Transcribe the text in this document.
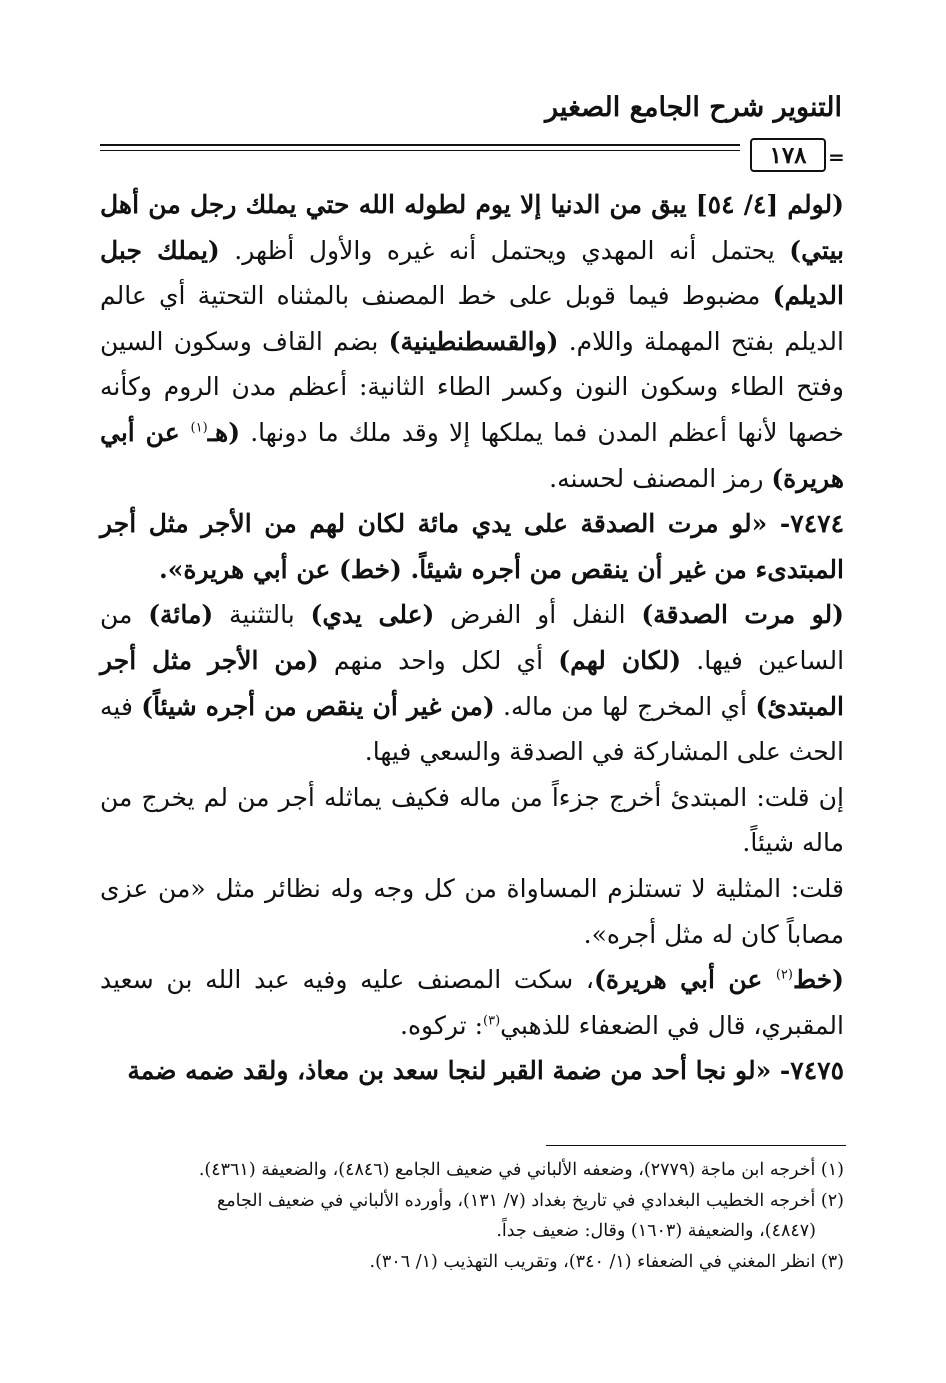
التنوير شرح الجامع الصغير
١٧٨	=

(لولم [٤/ ٥٤] يبق من الدنيا إلا يوم لطوله الله حتي يملك رجل من أهل بيتي) يحتمل أنه المهدي ويحتمل أنه غيره والأول أظهر. (يملك جبل الديلم) مضبوط فيما قوبل على خط المصنف بالمثناه التحتية أي عالم الديلم بفتح المهملة واللام. (والقسطنطينية) بضم القاف وسكون السين وفتح الطاء وسكون النون وكسر الطاء الثانية: أعظم مدن الروم وكأنه خصها لأنها أعظم المدن فما يملكها إلا وقد ملك ما دونها. (هـ$^{(١)}$ عن أبي هريرة) رمز المصنف لحسنه.

٧٤٧٤- «لو مرت الصدقة على يدي مائة لكان لهم من الأجر مثل أجر المبتدىء من غير أن ينقص من أجره شيئاً. (خط) عن أبي هريرة».

(لو مرت الصدقة) النفل أو الفرض (على يدي) بالتثنية (مائة) من الساعين فيها. (لكان لهم) أي لكل واحد منهم (من الأجر مثل أجر المبتدئ) أي المخرج لها من ماله. (من غير أن ينقص من أجره شيئاً) فيه الحث على المشاركة في الصدقة والسعي فيها.

إن قلت: المبتدئ أخرج جزءاً من ماله فكيف يماثله أجر من لم يخرج من ماله شيئاً.

قلت: المثلية لا تستلزم المساواة من كل وجه وله نظائر مثل «من عزى مصاباً كان له مثل أجره».

(خط$^{(٢)}$ عن أبي هريرة)، سكت المصنف عليه وفيه عبد الله بن سعيد المقبري، قال في الضعفاء للذهبي$^{(٣)}$: تركوه.

٧٤٧٥- «لو نجا أحد من ضمة القبر لنجا سعد بن معاذ، ولقد ضمه ضمة

(١) أخرجه ابن ماجة (٢٧٧٩)، وضعفه الألباني في ضعيف الجامع (٤٨٤٦)، والضعيفة (٤٣٦١).

(٢) أخرجه الخطيب البغدادي في تاريخ بغداد (٧/ ١٣١)، وأورده الألباني في ضعيف الجامع

(٤٨٤٧)، والضعيفة (١٦٠٣) وقال: ضعيف جداً.

(٣) انظر المغني في الضعفاء (١/ ٣٤٠)، وتقريب التهذيب (١/ ٣٠٦).
